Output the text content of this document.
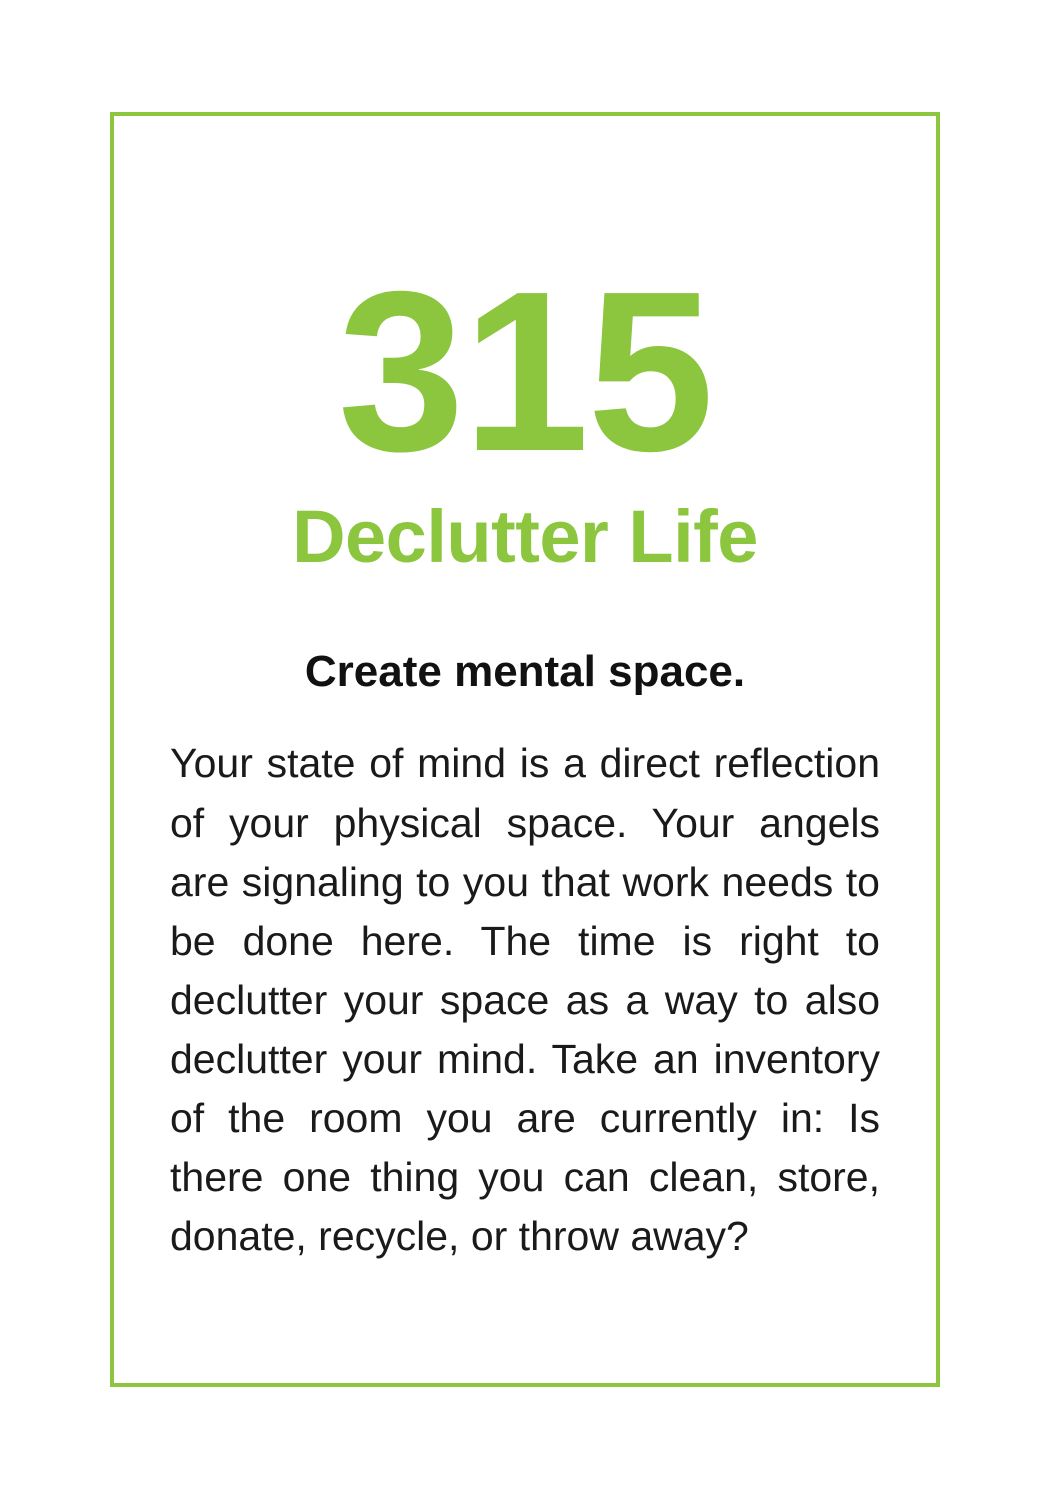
315
Declutter Life
Create mental space.
Your state of mind is a direct reflection of your physical space. Your angels are signaling to you that work needs to be done here. The time is right to declutter your space as a way to also declutter your mind. Take an inventory of the room you are currently in: Is there one thing you can clean, store, donate, recycle, or throw away?
